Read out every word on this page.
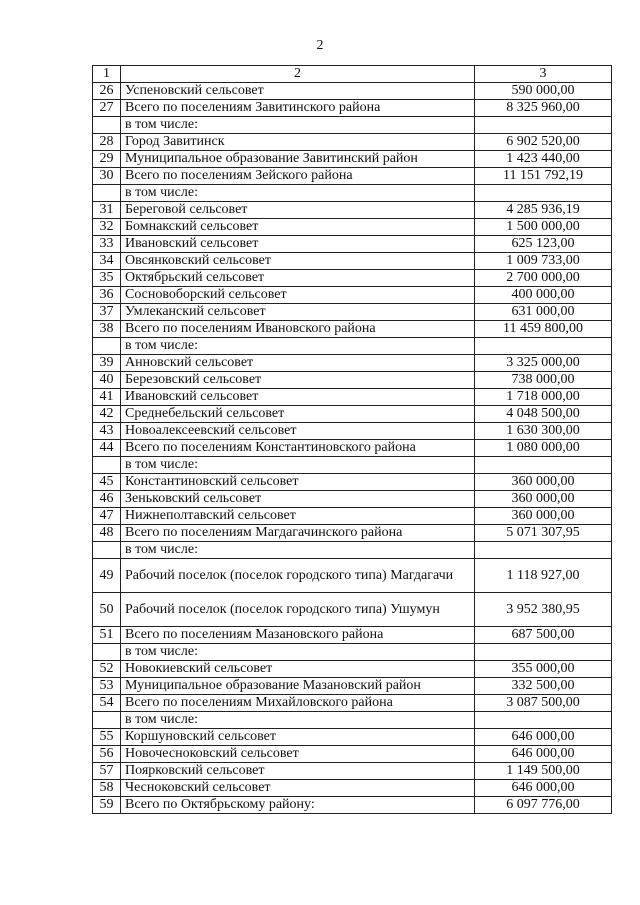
2
1	2	3
26	Успеновский сельсовет	590 000,00
27	Всего по поселениям Завитинского района	8 325 960,00
	в том числе:	
28	Город Завитинск	6 902 520,00
29	Муниципальное образование Завитинский район	1 423 440,00
30	Всего по поселениям Зейского района	11 151 792,19
	в том числе:	
31	Береговой сельсовет	4 285 936,19
32	Бомнакский сельсовет	1 500 000,00
33	Ивановский сельсовет	625 123,00
34	Овсянковский сельсовет	1 009 733,00
35	Октябрьский сельсовет	2 700 000,00
36	Сосновоборский сельсовет	400 000,00
37	Умлеканский сельсовет	631 000,00
38	Всего по поселениям Ивановского района	11 459 800,00
	в том числе:	
39	Анновский сельсовет	3 325 000,00
40	Березовский сельсовет	738 000,00
41	Ивановский сельсовет	1 718 000,00
42	Среднебельский сельсовет	4 048 500,00
43	Новоалексеевский сельсовет	1 630 300,00
44	Всего по поселениям Константиновского района	1 080 000,00
	в том числе:	
45	Константиновский сельсовет	360 000,00
46	Зеньковский сельсовет	360 000,00
47	Нижнеполтавский сельсовет	360 000,00
48	Всего по поселениям Магдагачинского района	5 071 307,95
	в том числе:	
49	Рабочий поселок (поселок городского типа) Магдагачи	1 118 927,00
50	Рабочий поселок (поселок городского типа) Ушумун	3 952 380,95
51	Всего по поселениям Мазановского района	687 500,00
	в том числе:	
52	Новокиевский сельсовет	355 000,00
53	Муниципальное образование Мазановский район	332 500,00
54	Всего по поселениям Михайловского района	3 087 500,00
	в том числе:	
55	Коршуновский сельсовет	646 000,00
56	Новочесноковский сельсовет	646 000,00
57	Поярковский сельсовет	1 149 500,00
58	Чесноковский сельсовет	646 000,00
59	Всего по Октябрьскому району:	6 097 776,00
